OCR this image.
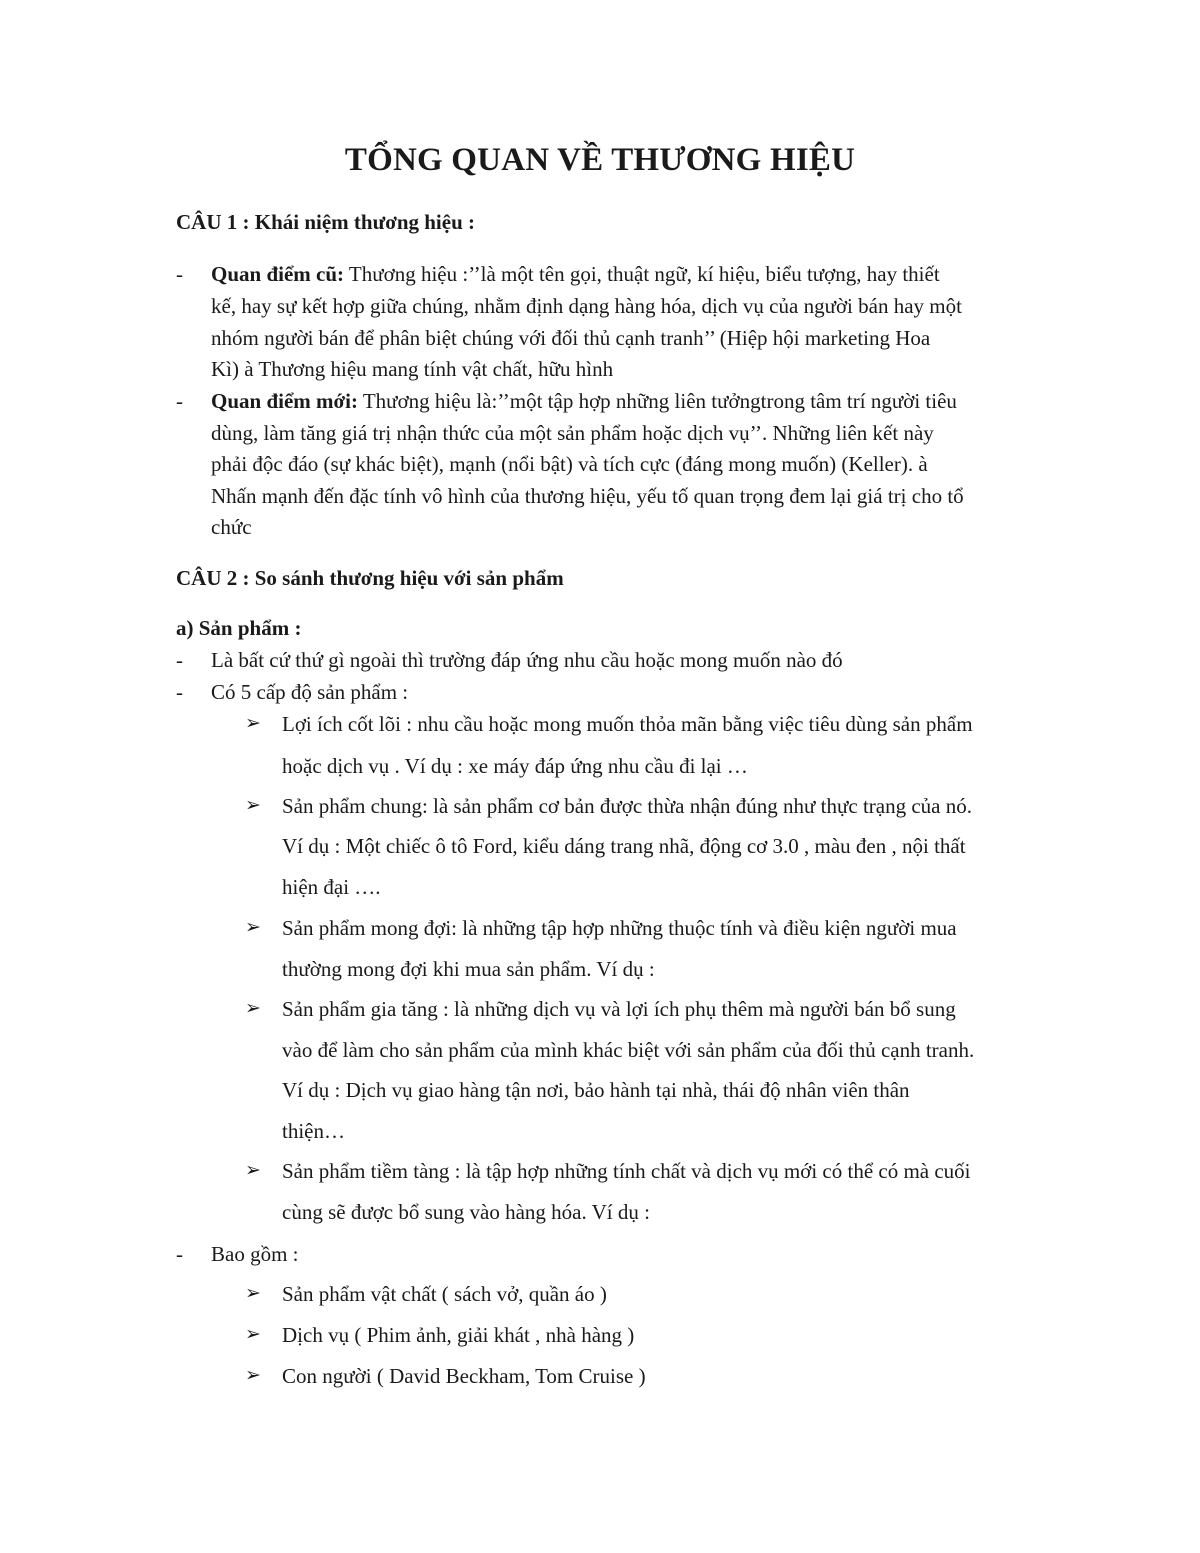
TỔNG QUAN VỀ THƯƠNG HIỆU
CÂU 1 : Khái niệm thương hiệu :
- Quan điểm cũ: Thương hiệu :’’là một tên gọi, thuật ngữ, kí hiệu, biểu tượng, hay thiết
kế, hay sự kết hợp giữa chúng, nhằm định dạng hàng hóa, dịch vụ của người bán hay một
nhóm người bán để phân biệt chúng với đối thủ cạnh tranh’’ (Hiệp hội marketing Hoa
Kì) à Thương hiệu mang tính vật chất, hữu hình
- Quan điểm mới: Thương hiệu là:’’một tập hợp những liên tưởngtrong tâm trí người tiêu
dùng, làm tăng giá trị nhận thức của một sản phẩm hoặc dịch vụ’’. Những liên kết này
phải độc đáo (sự khác biệt), mạnh (nổi bật) và tích cực (đáng mong muốn) (Keller). à
Nhấn mạnh đến đặc tính vô hình của thương hiệu, yếu tố quan trọng đem lại giá trị cho tổ
chức
CÂU 2 : So sánh thương hiệu với sản phẩm
a) Sản phẩm :
- Là bất cứ thứ gì ngoài thì trường đáp ứng nhu cầu hoặc mong muốn nào đó
- Có 5 cấp độ sản phẩm :
➢ Lợi ích cốt lõi : nhu cầu hoặc mong muốn thỏa mãn bằng việc tiêu dùng sản phẩm
hoặc dịch vụ . Ví dụ : xe máy đáp ứng nhu cầu đi lại …
➢ Sản phẩm chung: là sản phẩm cơ bản được thừa nhận đúng như thực trạng của nó.
Ví dụ : Một chiếc ô tô Ford, kiểu dáng trang nhã, động cơ 3.0 , màu đen , nội thất
hiện đại ….
➢ Sản phẩm mong đợi: là những tập hợp những thuộc tính và điều kiện người mua
thường mong đợi khi mua sản phẩm. Ví dụ :
➢ Sản phẩm gia tăng : là những dịch vụ và lợi ích phụ thêm mà người bán bổ sung
vào để làm cho sản phẩm của mình khác biệt với sản phẩm của đối thủ cạnh tranh.
Ví dụ : Dịch vụ giao hàng tận nơi, bảo hành tại nhà, thái độ nhân viên thân
thiện…
➢ Sản phẩm tiềm tàng : là tập hợp những tính chất và dịch vụ mới có thể có mà cuối
cùng sẽ được bổ sung vào hàng hóa. Ví dụ :
- Bao gồm :
➢ Sản phẩm vật chất ( sách vở, quần áo )
➢ Dịch vụ ( Phim ảnh, giải khát , nhà hàng )
➢ Con người ( David Beckham, Tom Cruise )
